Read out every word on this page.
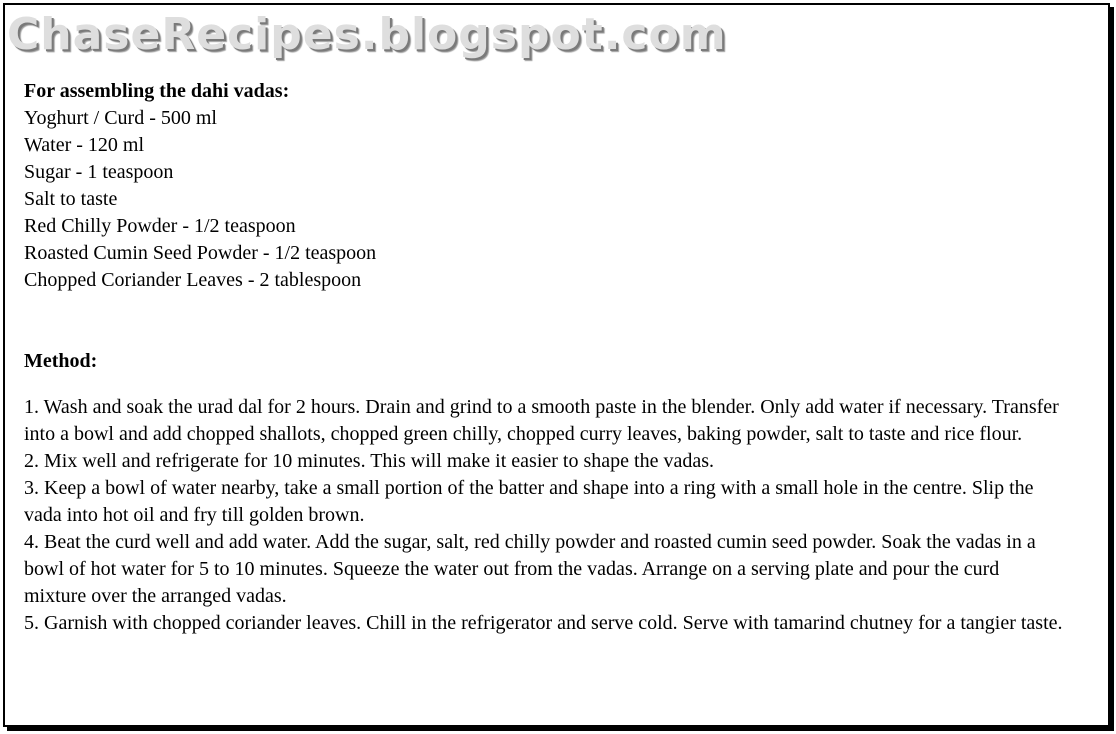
ChaseRecipes.blogspot.com
For assembling the dahi vadas:
Yoghurt / Curd - 500 ml
Water - 120 ml
Sugar - 1 teaspoon
Salt to taste
Red Chilly Powder - 1/2 teaspoon
Roasted Cumin Seed Powder - 1/2 teaspoon
Chopped Coriander Leaves - 2 tablespoon
Method:

1. Wash and soak the urad dal for 2 hours. Drain and grind to a smooth paste in the blender. Only add water if necessary. Transfer into a bowl and add chopped shallots, chopped green chilly, chopped curry leaves, baking powder, salt to taste and rice flour.

2. Mix well and refrigerate for 10 minutes. This will make it easier to shape the vadas.

3. Keep a bowl of water nearby, take a small portion of the batter and shape into a ring with a small hole in the centre. Slip the vada into hot oil and fry till golden brown.

4. Beat the curd well and add water. Add the sugar, salt, red chilly powder and roasted cumin seed powder. Soak the vadas in a bowl of hot water for 5 to 10 minutes. Squeeze the water out from the vadas. Arrange on a serving plate and pour the curd mixture over the arranged vadas.

5. Garnish with chopped coriander leaves. Chill in the refrigerator and serve cold. Serve with tamarind chutney for a tangier taste.
